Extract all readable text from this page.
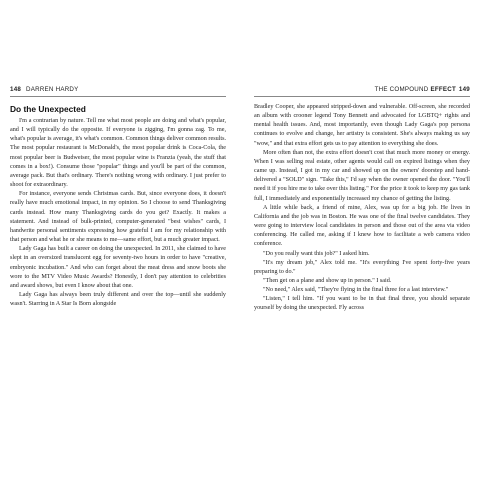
148 DARREN HARDY
Do the Unexpected

I'm a contrarian by nature. Tell me what most people are doing and what's popular, and I will typically do the opposite. If everyone is zigging, I'm gonna zag. To me, what's popular is average, it's what's common. Common things deliver common results. The most popular restaurant is McDonald's, the most popular drink is Coca-Cola, the most popular beer is Budweiser, the most popular wine is Franzia (yeah, the stuff that comes in a box!). Consume those "popular" things and you'll be part of the common, average pack. But that's ordinary. There's nothing wrong with ordinary. I just prefer to shoot for extraordinary.

For instance, everyone sends Christmas cards. But, since everyone does, it doesn't really have much emotional impact, in my opinion. So I choose to send Thanksgiving cards instead. How many Thanksgiving cards do you get? Exactly. It makes a statement. And instead of bulk-printed, computer-generated "best wishes" cards, I handwrite personal sentiments expressing how grateful I am for my relationship with that person and what he or she means to me—same effort, but a much greater impact.

Lady Gaga has built a career on doing the unexpected. In 2011, she claimed to have slept in an oversized translucent egg for seventy-two hours in order to have "creative, embryonic incubation." And who can forget about the meat dress and snow boots she wore to the MTV Video Music Awards? Honestly, I don't pay attention to celebrities and award shows, but even I know about that one.

Lady Gaga has always been truly different and over the top—until she suddenly wasn't. Starring in A Star Is Born alongside

THE COMPOUND EFFECT 149

Bradley Cooper, she appeared stripped-down and vulnerable. Off-screen, she recorded an album with crooner legend Tony Bennett and advocated for LGBTQ+ rights and mental health issues. And, most importantly, even though Lady Gaga's pop persona continues to evolve and change, her artistry is consistent. She's always making us say "wow," and that extra effort gets us to pay attention to everything she does.

More often than not, the extra effort doesn't cost that much more money or energy. When I was selling real estate, other agents would call on expired listings when they came up. Instead, I got in my car and showed up on the owners' doorstep and hand-delivered a "SOLD" sign. "Take this," I'd say when the owner opened the door. "You'll need it if you hire me to take over this listing." For the price it took to keep my gas tank full, I immediately and exponentially increased my chance of getting the listing.

A little while back, a friend of mine, Alex, was up for a big job. He lives in California and the job was in Boston. He was one of the final twelve candidates. They were going to interview local candidates in person and those out of the area via video conferencing. He called me, asking if I knew how to facilitate a web camera video conference.

"Do you really want this job?" I asked him.

"It's my dream job," Alex told me. "It's everything I've spent forty-five years preparing to do."

"Then get on a plane and show up in person." I said.

"No need," Alex said, "They're flying in the final three for a last interview."

"Listen," I tell him. "If you want to be in that final three, you should separate yourself by doing the unexpected. Fly across
